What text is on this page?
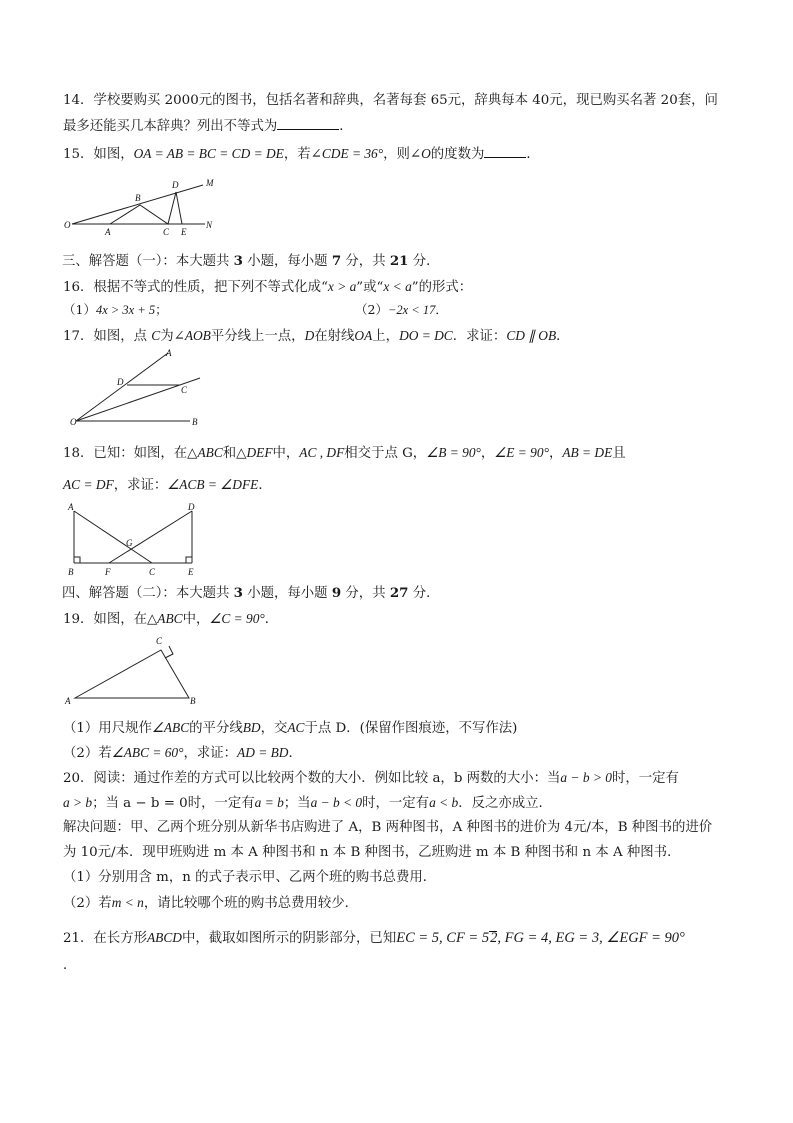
14．学校要购买 2000元的图书，包括名著和辞典，名著每套 65元，辞典每本 40元，现已购买名著 20套，问
最多还能买几本辞典？列出不等式为	．
15．如图，OA = AB = BC = CD = DE，若∠CDE = 36°，则∠O的度数为	．
O
A
B
C
D
E
M
N
三、解答题（一）：本大题共 3 小题，每小题 7 分，共 21 分．
16．根据不等式的性质，把下列不等式化成“x > a”或“x < a”的形式：
（1）4x > 3x + 5；	（2）−2x < 17．
17．如图，点 C为∠AOB平分线上一点，D在射线OA上，DO = DC．求证：CD ∥ OB．
A
D
C
O	B
18．已知：如图，在△ABC和△DEF中，AC , DF相交于点 G，∠B = 90°，∠E = 90°，AB = DE且
AC = DF，求证：∠ACB = ∠DFE．
A	D
G
B	F	C	E
四、解答题（二）：本大题共 3 小题，每小题 9 分，共 27 分．
19．如图，在△ABC中，∠C = 90°．
C
A	B
（1）用尺规作∠ABC的平分线BD，交AC于点 D．(保留作图痕迹，不写作法)
（2）若∠ABC = 60°，求证：AD = BD．
20．阅读：通过作差的方式可以比较两个数的大小．例如比较 a，b 两数的大小：当a − b > 0时，一定有
a > b；当 a − b = 0时，一定有a = b；当a − b < 0时，一定有a < b．反之亦成立．
解决问题：甲、乙两个班分别从新华书店购进了 A，B 两种图书，A 种图书的进价为 4元/本，B 种图书的进价
为 10元/本．现甲班购进 m 本 A 种图书和 n 本 B 种图书，乙班购进 m 本 B 种图书和 n 本 A 种图书．
（1）分别用含 m，n 的式子表示甲、乙两个班的购书总费用．
（2）若m < n，请比较哪个班的购书总费用较少．
21．在长方形ABCD中，截取如图所示的阴影部分，已知EC = 5, CF = 52, FG = 4, EG = 3, ∠EGF = 90°
．
